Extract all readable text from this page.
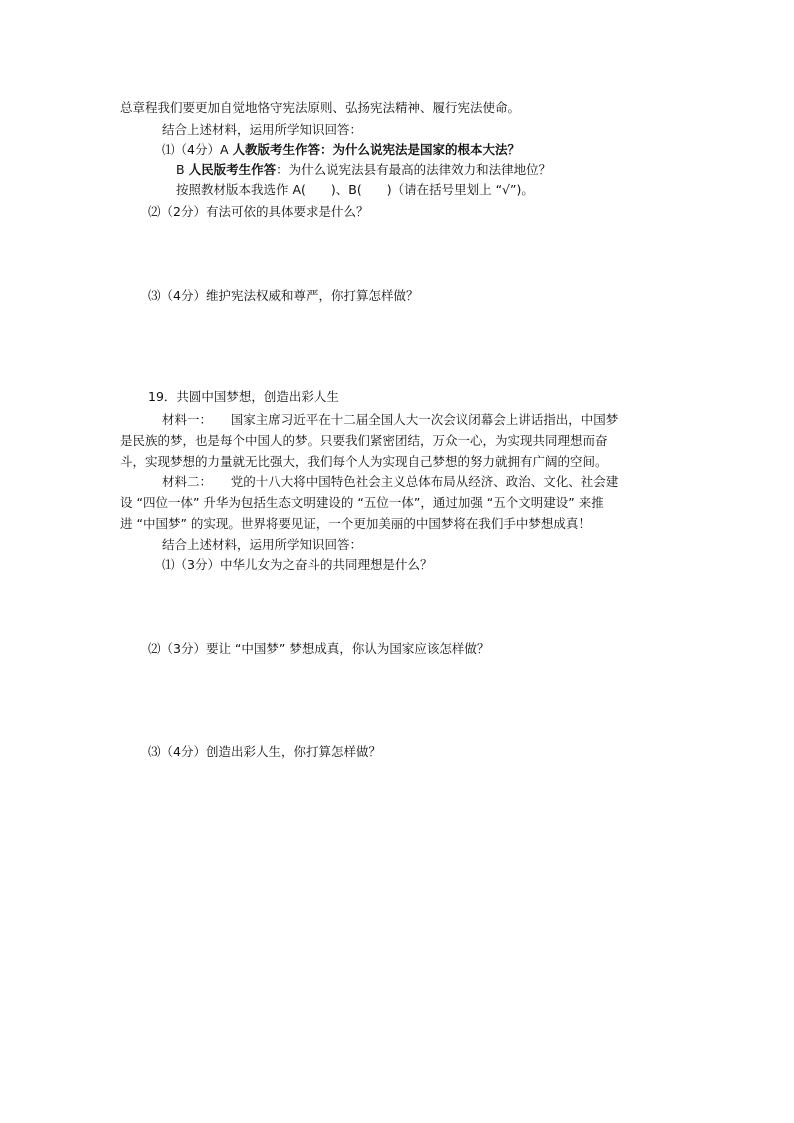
总章程我们要更加自觉地恪守宪法原则、弘扬宪法精神、履行宪法使命。
结合上述材料，运用所学知识回答：
⑴（4分）A 人教版考生作答：为什么说宪法是国家的根本大法？
B 人民版考生作答：为什么说宪法县有最高的法律效力和法律地位？
按照教材版本我选作 A(　　)、B(　　)（请在括号里划上 “√”)。
⑵（2分）有法可依的具体要求是什么？
⑶（4分）维护宪法权威和尊严，你打算怎样做？
19．共圆中国梦想，创造出彩人生
材料一：　　国家主席习近平在十二届全国人大一次会议闭幕会上讲话指出，中国梦
是民族的梦，也是每个中国人的梦。只要我们紧密团结，万众一心，为实现共同理想而奋
斗，实现梦想的力量就无比强大，我们每个人为实现自己梦想的努力就拥有广阔的空间。
材料二：　　党的十八大将中国特色社会主义总体布局从经济、政治、文化、社会建
设 “四位一体” 升华为包括生态文明建设的 “五位一体”，通过加强 “五个文明建设” 来推
进 “中国梦” 的实现。世界将要见证，一个更加美丽的中国梦将在我们手中梦想成真！
结合上述材料，运用所学知识回答：
⑴（3分）中华儿女为之奋斗的共同理想是什么？
⑵（3分）要让 “中国梦” 梦想成真，你认为国家应该怎样做？
⑶（4分）创造出彩人生，你打算怎样做？
